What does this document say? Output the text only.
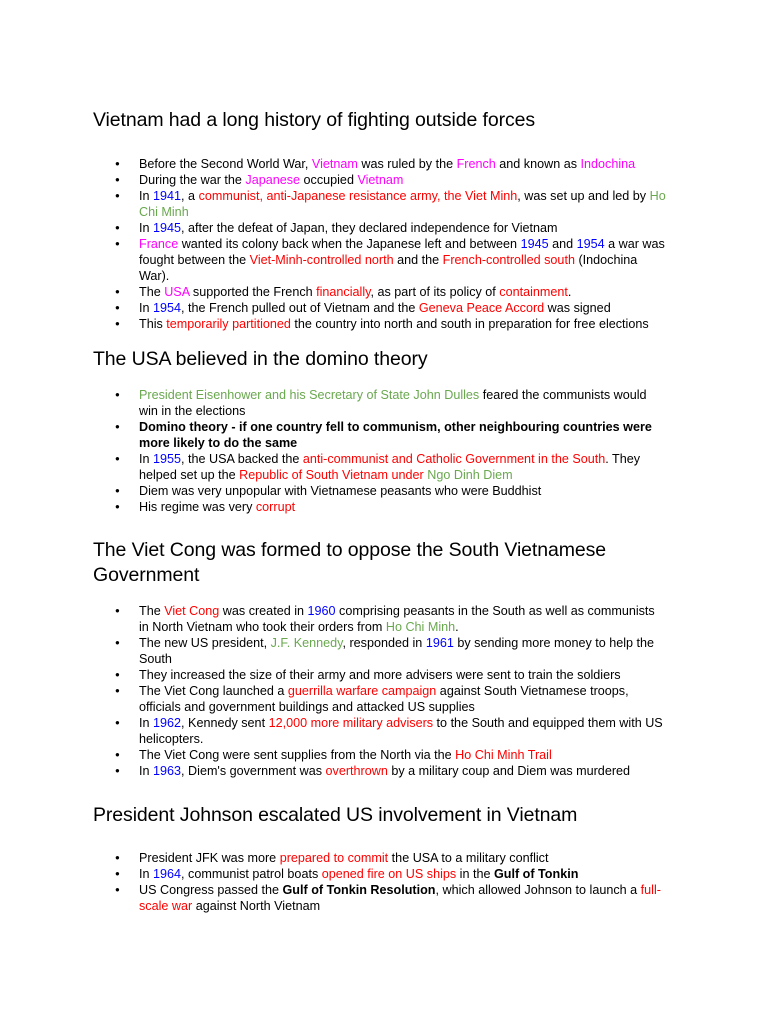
Vietnam had a long history of fighting outside forces
● Before the Second World War, Vietnam was ruled by the French and known as Indochina
● During the war the Japanese occupied Vietnam
● In 1941, a communist, anti-Japanese resistance army, the Viet Minh, was set up and led by Ho Chi Minh
● In 1945, after the defeat of Japan, they declared independence for Vietnam
● France wanted its colony back when the Japanese left and between 1945 and 1954 a war was fought between the Viet-Minh-controlled north and the French-controlled south (Indochina War).
● The USA supported the French financially, as part of its policy of containment.
● In 1954, the French pulled out of Vietnam and the Geneva Peace Accord was signed
● This temporarily partitioned the country into north and south in preparation for free elections
The USA believed in the domino theory
● President Eisenhower and his Secretary of State John Dulles feared the communists would win in the elections
● Domino theory - if one country fell to communism, other neighbouring countries were more likely to do the same
● In 1955, the USA backed the anti-communist and Catholic Government in the South. They helped set up the Republic of South Vietnam under Ngo Dinh Diem
● Diem was very unpopular with Vietnamese peasants who were Buddhist
● His regime was very corrupt
The Viet Cong was formed to oppose the South Vietnamese Government
● The Viet Cong was created in 1960 comprising peasants in the South as well as communists in North Vietnam who took their orders from Ho Chi Minh.
● The new US president, J.F. Kennedy, responded in 1961 by sending more money to help the South
● They increased the size of their army and more advisers were sent to train the soldiers
● The Viet Cong launched a guerrilla warfare campaign against South Vietnamese troops, officials and government buildings and attacked US supplies
● In 1962, Kennedy sent 12,000 more military advisers to the South and equipped them with US helicopters.
● The Viet Cong were sent supplies from the North via the Ho Chi Minh Trail
● In 1963, Diem's government was overthrown by a military coup and Diem was murdered
President Johnson escalated US involvement in Vietnam
● President JFK was more prepared to commit the USA to a military conflict
● In 1964, communist patrol boats opened fire on US ships in the Gulf of Tonkin
● US Congress passed the Gulf of Tonkin Resolution, which allowed Johnson to launch a full-scale war against North Vietnam
